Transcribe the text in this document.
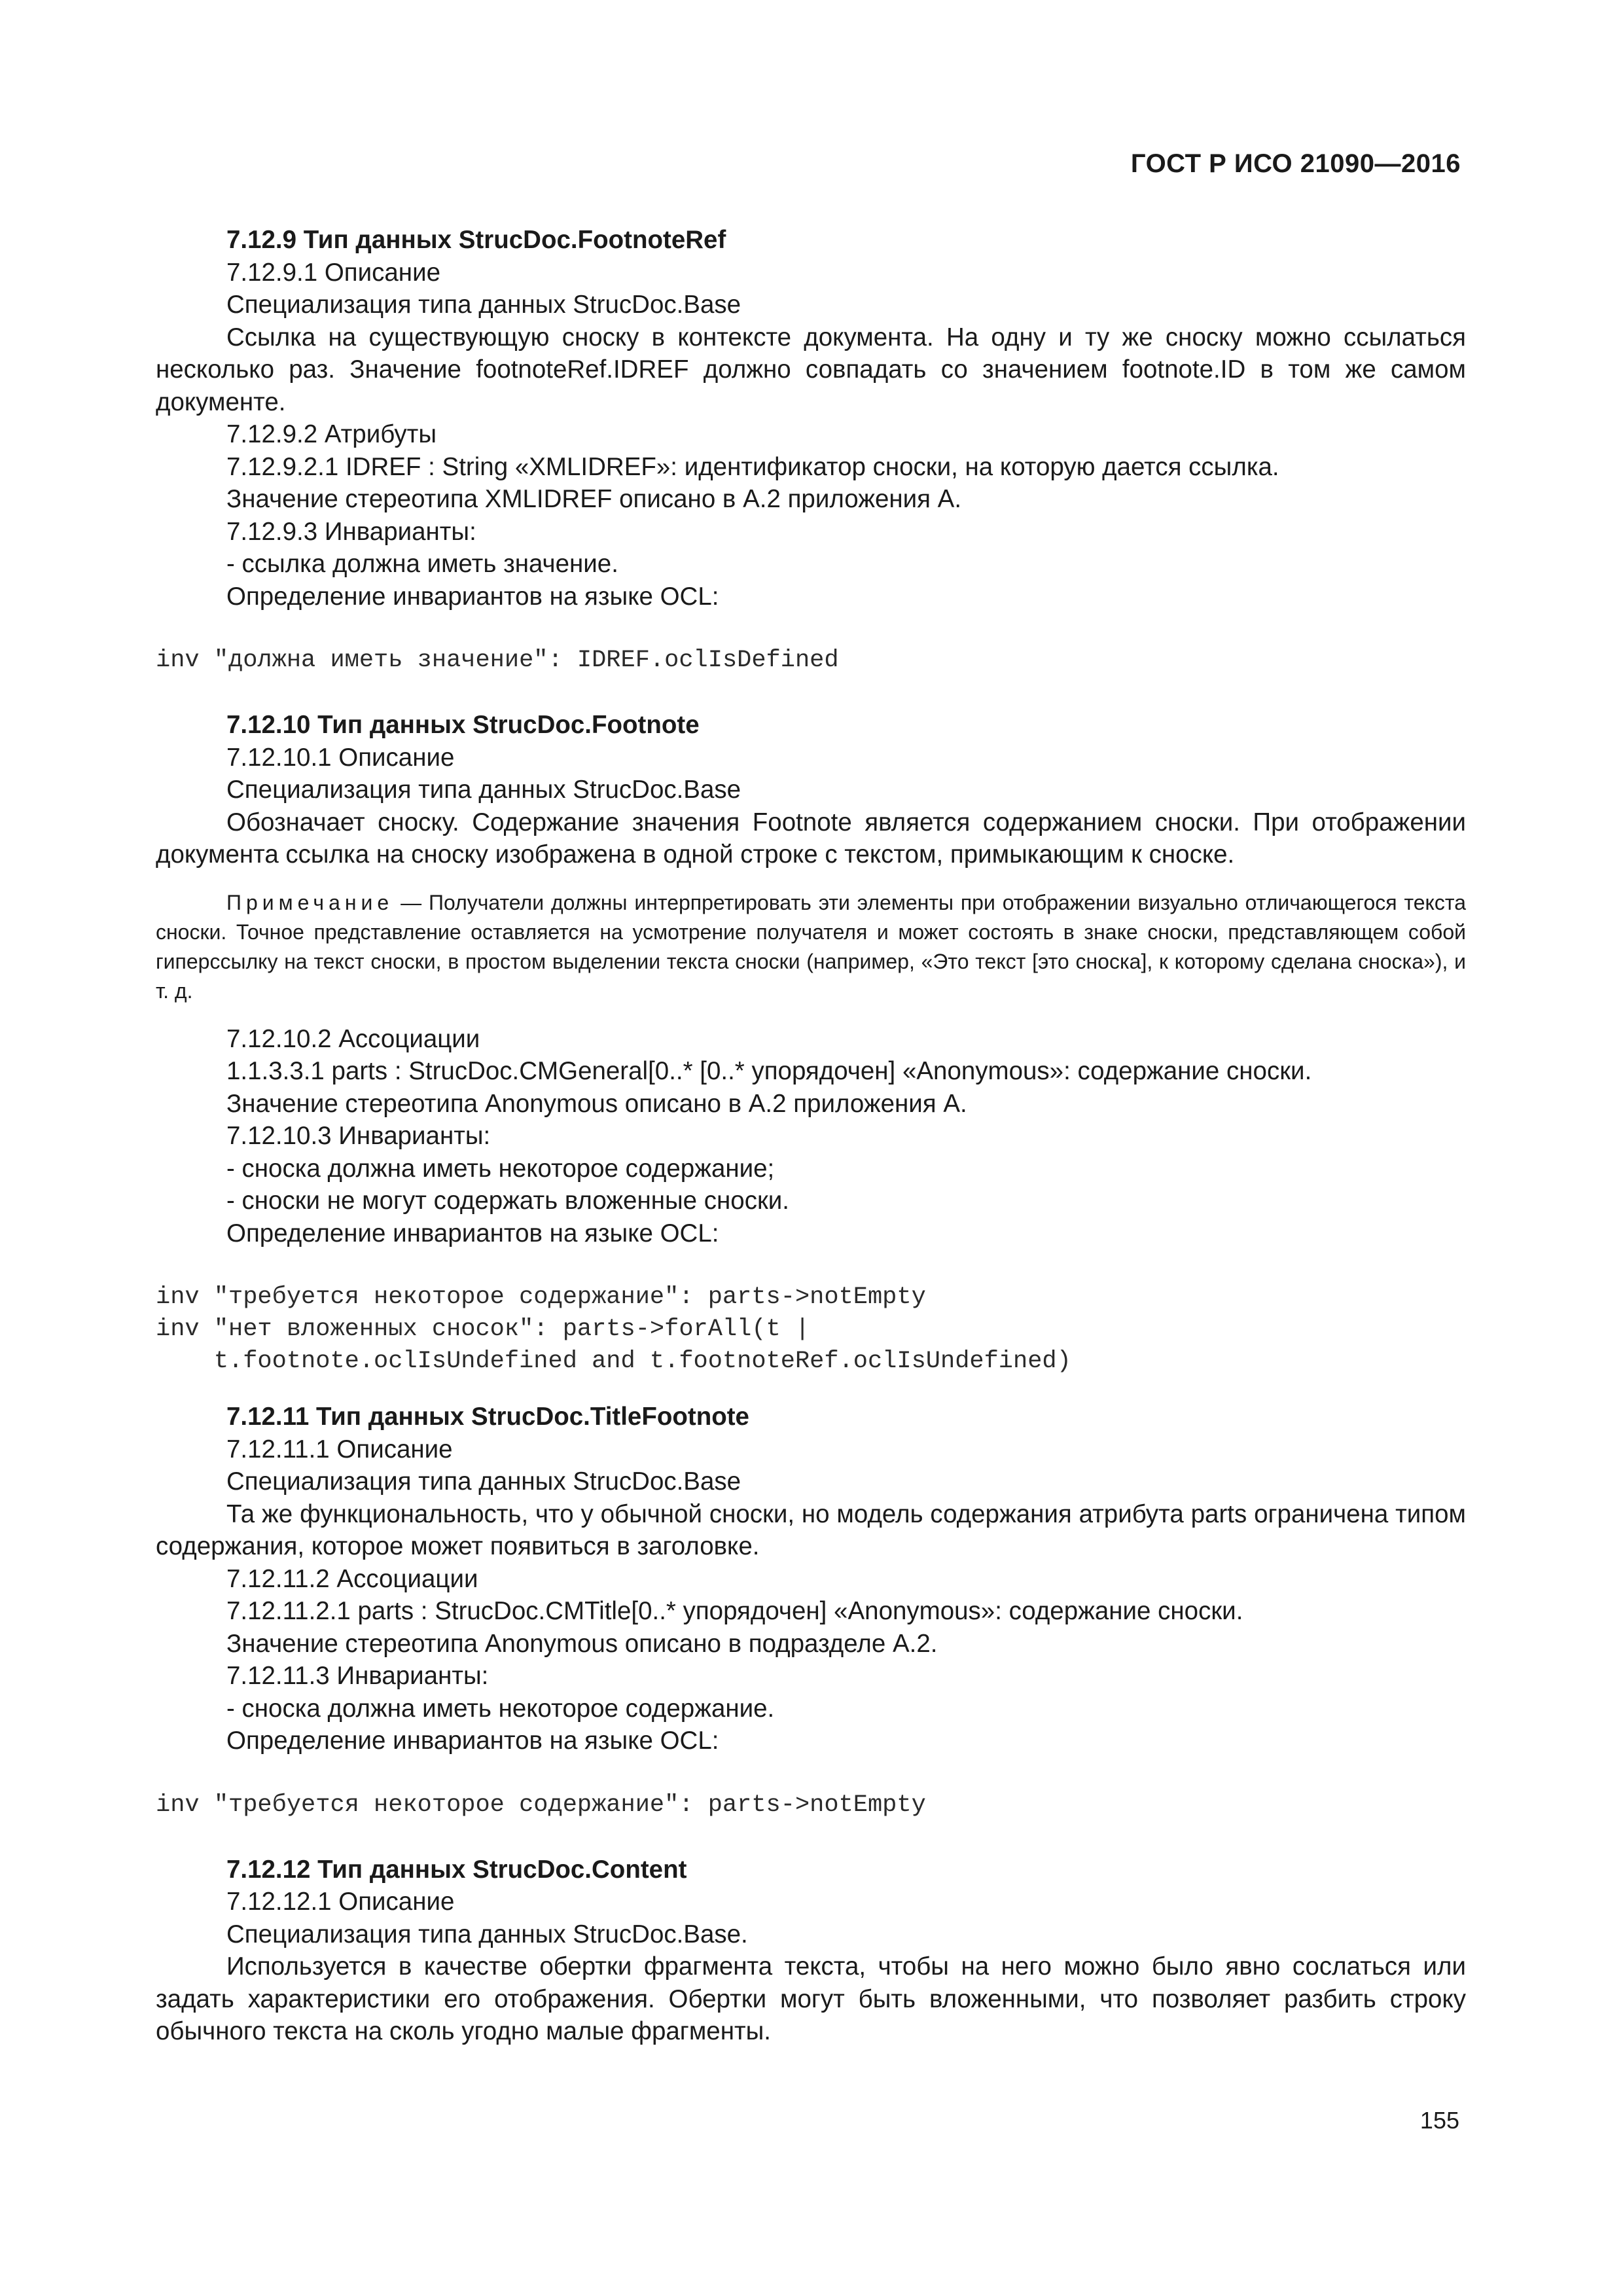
ГОСТ Р ИСО 21090—2016

7.12.9 Тип данных StrucDoc.FootnoteRef

7.12.9.1 Описание

Специализация типа данных StrucDoc.Base

Ссылка на существующую сноску в контексте документа. На одну и ту же сноску можно ссылаться несколько раз. Значение footnoteRef.IDREF должно совпадать со значением footnote.ID в том же самом документе.

7.12.9.2 Атрибуты

7.12.9.2.1 IDREF : String «XMLIDREF»: идентификатор сноски, на которую дается ссылка.

Значение стереотипа XMLIDREF описано в А.2 приложения А.

7.12.9.3 Инварианты:

- ссылка должна иметь значение.

Определение инвариантов на языке OCL:

inv "должна иметь значение": IDREF.oclIsDefined

7.12.10 Тип данных StrucDoc.Footnote

7.12.10.1 Описание

Специализация типа данных StrucDoc.Base

Обозначает сноску. Содержание значения Footnote является содержанием сноски. При отображении документа ссылка на сноску изображена в одной строке с текстом, примыкающим к сноске.

Примечание — Получатели должны интерпретировать эти элементы при отображении визуально отличающегося текста сноски. Точное представление оставляется на усмотрение получателя и может состоять в знаке сноски, представляющем собой гиперссылку на текст сноски, в простом выделении текста сноски (например, «Это текст [это сноска], к которому сделана сноска»), и т. д.

7.12.10.2 Ассоциации

1.1.3.3.1 parts : StrucDoc.CMGeneral[0..* [0..* упорядочен] «Anonymous»: содержание сноски.

Значение стереотипа Anonymous описано в А.2 приложения А.

7.12.10.3 Инварианты:

- сноска должна иметь некоторое содержание;

- сноски не могут содержать вложенные сноски.

Определение инвариантов на языке OCL:

inv "требуется некоторое содержание": parts->notEmpty

inv "нет вложенных сносок": parts->forAll(t |

t.footnote.oclIsUndefined and t.footnoteRef.oclIsUndefined)

7.12.11 Тип данных StrucDoc.TitleFootnote

7.12.11.1 Описание

Специализация типа данных StrucDoc.Base

Та же функциональность, что у обычной сноски, но модель содержания атрибута parts ограничена типом содержания, которое может появиться в заголовке.

7.12.11.2 Ассоциации

7.12.11.2.1 parts : StrucDoc.CMTitle[0..* упорядочен] «Anonymous»: содержание сноски.

Значение стереотипа Anonymous описано в подразделе А.2.

7.12.11.3 Инварианты:

- сноска должна иметь некоторое содержание.

Определение инвариантов на языке OCL:

inv "требуется некоторое содержание": parts->notEmpty

7.12.12 Тип данных StrucDoc.Content

7.12.12.1 Описание

Специализация типа данных StrucDoc.Base.

Используется в качестве обертки фрагмента текста, чтобы на него можно было явно сослаться или задать характеристики его отображения. Обертки могут быть вложенными, что позволяет разбить строку обычного текста на сколь угодно малые фрагменты.

155
